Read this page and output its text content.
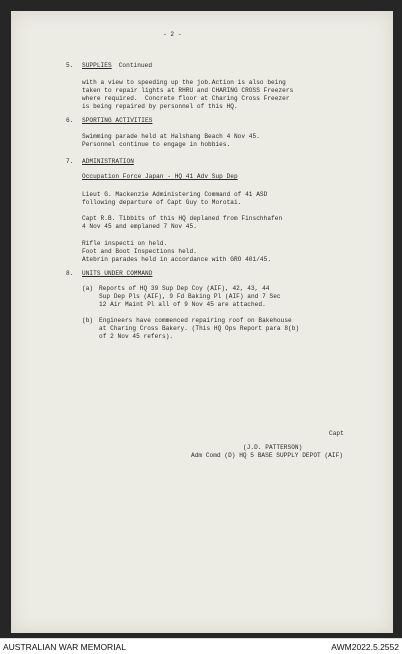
- 2 -
5. SUPPLIES Continued
with a view to speeding up the job.Action is also being
taken to repair lights at RHRU and CHARING CROSS Freezers
where required.  Concrete floor at Charing Cross Freezer
is being repaired by personnel of this HQ.
6. SPORTING ACTIVITIES
Swimming parade held at Halshang Beach 4 Nov 45.
Personnel continue to engage in hobbies.
7. ADMINISTRATION
Occupation Force Japan - HQ 41 Adv Sup Dep
Lieut G. Mackenzie Administering Command of 41 ASD
following departure of Capt Guy to Morotai.
Capt R.B. Tibbits of this HQ deplaned from Finschhafen
4 Nov 45 and emplaned 7 Nov 45.
Rifle inspecti on held.
Foot and Boot Inspections held.
Atebrin parades held in accordance with GRO 401/45.
8. UNITS UNDER COMMAND
(a) Reports of HQ 39 Sup Dep Coy (AIF), 42, 43, 44
Sup Dep Pls (AIF), 9 Fd Baking Pl (AIF) and 7 Sec
12 Air Maint Pl all of 9 Nov 45 are attached.
(b) Engineers have commenced repairing roof on Bakehouse
at Charing Cross Bakery. (This HQ Ops Report para 8(b)
of 2 Nov 45 refers).
Capt
(J.D. PATTERSON)
Adm Comd (D) HQ 5 BASE SUPPLY DEPOT (AIF)
AUSTRALIAN WAR MEMORIAL	AWM2022.5.2552
